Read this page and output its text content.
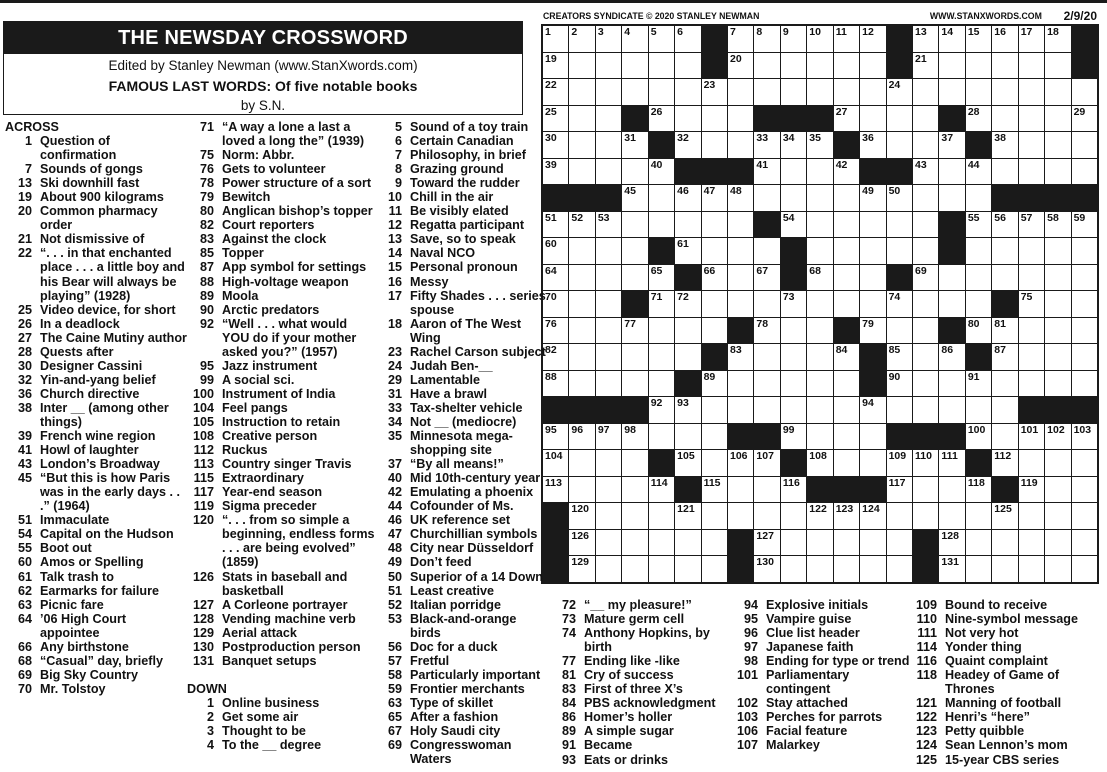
THE NEWSDAY CROSSWORD
Edited by Stanley Newman (www.StanXwords.com)
FAMOUS LAST WORDS: Of five notable books
by S.N.
CREATORS SYNDICATE © 2020 STANLEY NEWMAN	WWW.STANXWORDS.COM 2/9/20
1 2 3 4 5 6	7 8 9 10 11 12	13 14 15 16 17 18
19	20	21
22	23	24
25	26	27	28	29
30	31	32	33 34 35	36	37	38
39	40	41	42	43	44
45	46 47 48	49 50
51 52 53	54	55 56 57 58 59
60	61
64	65	66	67	68	69
70	71 72	73	74	75
76	77	78	79	80 81
82	83	84	85	86	87
88	89	90	91
92 93	94
95 96 97 98	99	100	101 102 103
104	105	106 107	108	109 110 111	112
113	114	115	116	117	118	119
120	121	122 123 124	125
126	127	128
129	130	131
ACROSS
1 Question of confirmation
7 Sounds of gongs
13 Ski downhill fast
19 About 900 kilograms
20 Common pharmacy order
21 Not dismissive of
22 “. . . in that enchanted place . . . a little boy and his Bear will always be playing” (1928)
25 Video device, for short
26 In a deadlock
27 The Caine Mutiny author
28 Quests after
30 Designer Cassini
32 Yin-and-yang belief
36 Church directive
38 Inter __ (among other things)
39 French wine region
41 Howl of laughter
43 London’s Broadway
45 “But this is how Paris was in the early days . . .” (1964)
51 Immaculate
54 Capital on the Hudson
55 Boot out
60 Amos or Spelling
61 Talk trash to
62 Earmarks for failure
63 Picnic fare
64 ’06 High Court appointee
66 Any birthstone
68 “Casual” day, briefly
69 Big Sky Country
70 Mr. Tolstoy
71 “A way a lone a last a loved a long the” (1939)
75 Norm: Abbr.
76 Gets to volunteer
78 Power structure of a sort
79 Bewitch
80 Anglican bishop’s topper
82 Court reporters
83 Against the clock
85 Topper
87 App symbol for settings
88 High-voltage weapon
89 Moola
90 Arctic predators
92 “Well . . . what would YOU do if your mother asked you?” (1957)
95 Jazz instrument
99 A social sci.
100 Instrument of India
104 Feel pangs
105 Instruction to retain
108 Creative person
112 Ruckus
113 Country singer Travis
115 Extraordinary
117 Year-end season
119 Sigma preceder
120 “. . . from so simple a beginning, endless forms . . . are being evolved” (1859)
126 Stats in baseball and basketball
127 A Corleone portrayer
128 Vending machine verb
129 Aerial attack
130 Postproduction person
131 Banquet setups
DOWN
1 Online business
2 Get some air
3 Thought to be
4 To the __ degree
5 Sound of a toy train
6 Certain Canadian
7 Philosophy, in brief
8 Grazing ground
9 Toward the rudder
10 Chill in the air
11 Be visibly elated
12 Regatta participant
13 Save, so to speak
14 Naval NCO
15 Personal pronoun
16 Messy
17 Fifty Shades . . . series spouse
18 Aaron of The West Wing
23 Rachel Carson subject
24 Judah Ben-__
29 Lamentable
31 Have a brawl
33 Tax-shelter vehicle
34 Not __ (mediocre)
35 Minnesota mega-shopping site
37 “By all means!”
40 Mid 10th-century year
42 Emulating a phoenix
44 Cofounder of Ms.
46 UK reference set
47 Churchillian symbols
48 City near Düsseldorf
49 Don’t feed
50 Superior of a 14 Down
51 Least creative
52 Italian porridge
53 Black-and-orange birds
56 Doc for a duck
57 Fretful
58 Particularly important
59 Frontier merchants
63 Type of skillet
65 After a fashion
67 Holy Saudi city
69 Congresswoman Waters
72 “__ my pleasure!”
73 Mature germ cell
74 Anthony Hopkins, by birth
77 Ending like -like
81 Cry of success
83 First of three X’s
84 PBS acknowledgment
86 Homer’s holler
89 A simple sugar
91 Became
93 Eats or drinks
94 Explosive initials
95 Vampire guise
96 Clue list header
97 Japanese faith
98 Ending for type or trend
101 Parliamentary contingent
102 Stay attached
103 Perches for parrots
106 Facial feature
107 Malarkey
109 Bound to receive
110 Nine-symbol message
111 Not very hot
114 Yonder thing
116 Quaint complaint
118 Headey of Game of Thrones
121 Manning of football
122 Henri’s “here”
123 Petty quibble
124 Sean Lennon’s mom
125 15-year CBS series
